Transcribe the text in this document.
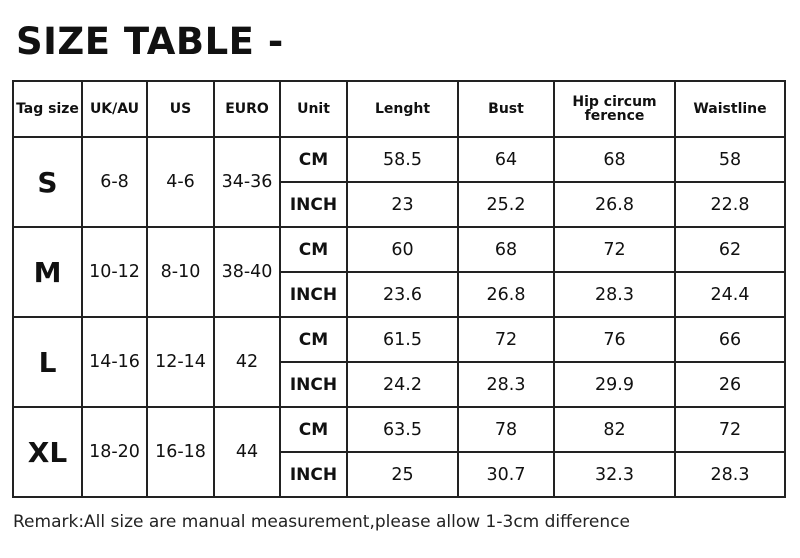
SIZE TABLE -
Tag size	UK/AU	US	EURO	Unit	Lenght	Bust	Hip circum ference	Waistline
S	6-8	4-6	34-36	CM	58.5	64	68	58
				INCH	23	25.2	26.8	22.8
M	10-12	8-10	38-40	CM	60	68	72	62
				INCH	23.6	26.8	28.3	24.4
L	14-16	12-14	42	CM	61.5	72	76	66
				INCH	24.2	28.3	29.9	26
XL	18-20	16-18	44	CM	63.5	78	82	72
				INCH	25	30.7	32.3	28.3
Remark:All size are manual measurement,please allow 1-3cm difference
